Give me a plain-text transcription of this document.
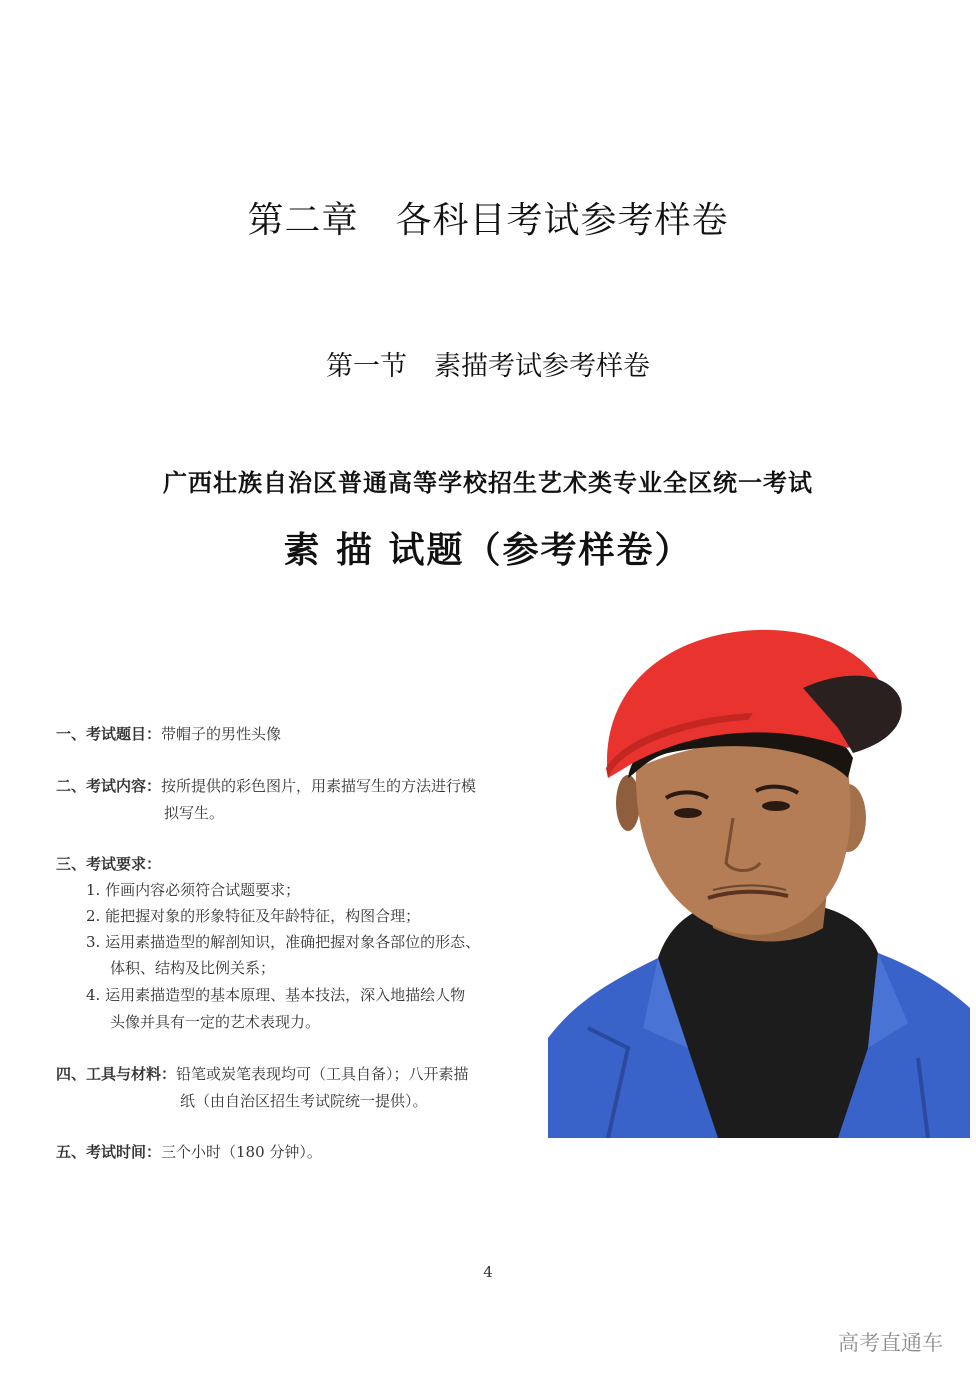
第二章　各科目考试参考样卷
第一节　素描考试参考样卷
广西壮族自治区普通高等学校招生艺术类专业全区统一考试
素 描 试题（参考样卷）
一、考试题目：带帽子的男性头像
二、考试内容：按所提供的彩色图片，用素描写生的方法进行模
拟写生。
三、考试要求：
1. 作画内容必须符合试题要求；
2. 能把握对象的形象特征及年龄特征，构图合理；
3. 运用素描造型的解剖知识，准确把握对象各部位的形态、
体积、结构及比例关系；
4. 运用素描造型的基本原理、基本技法，深入地描绘人物
头像并具有一定的艺术表现力。
四、工具与材料：铅笔或炭笔表现均可（工具自备）；八开素描
纸（由自治区招生考试院统一提供）。
五、考试时间：三个小时（180 分钟）。
4
高考直通车
